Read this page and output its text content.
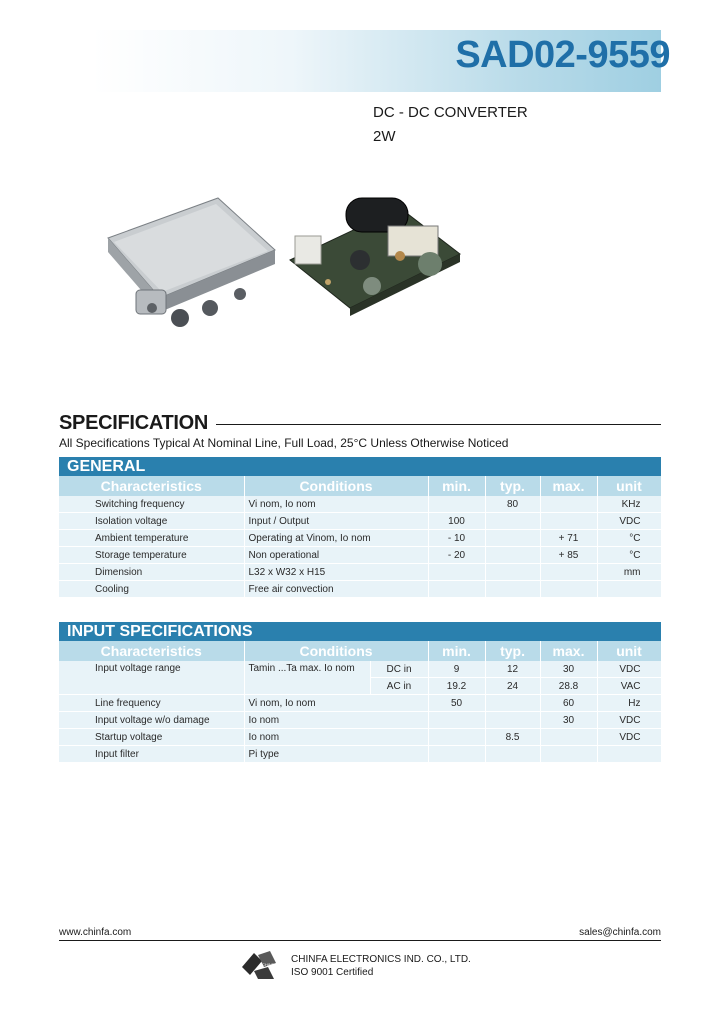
SAD02-9559
DC - DC CONVERTER
2W
SPECIFICATION
All Specifications Typical At Nominal Line, Full Load, 25°C Unless Otherwise Noticed
GENERAL
Characteristics	Conditions	min.	typ.	max.	unit
Switching frequency	Vi nom, Io nom		80		KHz
Isolation voltage	Input / Output	100			VDC
Ambient temperature	Operating at Vinom, Io nom	- 10		+ 71	°C
Storage temperature	Non operational	- 20		+ 85	°C
Dimension	L32 x W32 x H15				mm
Cooling	Free air convection				
INPUT SPECIFICATIONS
Characteristics	Conditions		min.	typ.	max.	unit
Input voltage range	Tamin ...Ta max. Io nom	DC in	9	12	30	VDC
		AC in	19.2	24	28.8	VAC
Line frequency	Vi nom, Io nom		50		60	Hz
Input voltage w/o damage	Io nom				30	VDC
Startup voltage	Io nom			8.5		VDC
Input filter	Pi type					
www.chinfa.com	sales@chinfa.com
CHINFA CHINFA ELECTRONICS IND. CO., LTD.
ISO 9001 Certified
